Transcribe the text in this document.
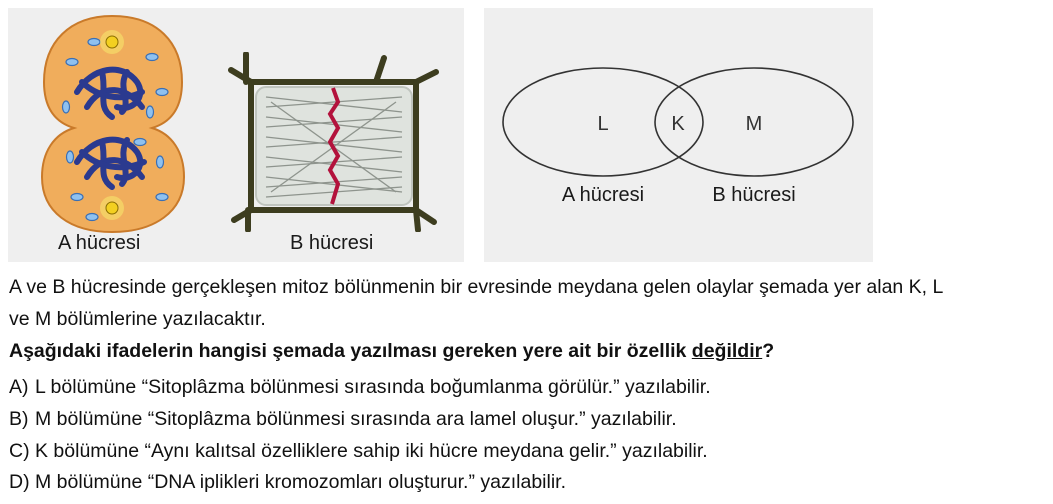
A hücresi	B hücresi
L	K	M
A hücresi	B hücresi
A ve B hücresinde gerçekleşen mitoz bölünmenin bir evresinde meydana gelen olaylar şemada yer alan K, L
ve M bölümlerine yazılacaktır.
Aşağıdaki ifadelerin hangisi şemada yazılması gereken yere ait bir özellik değildir?
A) L bölümüne “Sitoplâzma bölünmesi sırasında boğumlanma görülür.” yazılabilir.
B) M bölümüne “Sitoplâzma bölünmesi sırasında ara lamel oluşur.” yazılabilir.
C) K bölümüne “Aynı kalıtsal özelliklere sahip iki hücre meydana gelir.” yazılabilir.
D) M bölümüne “DNA iplikleri kromozomları oluşturur.” yazılabilir.
